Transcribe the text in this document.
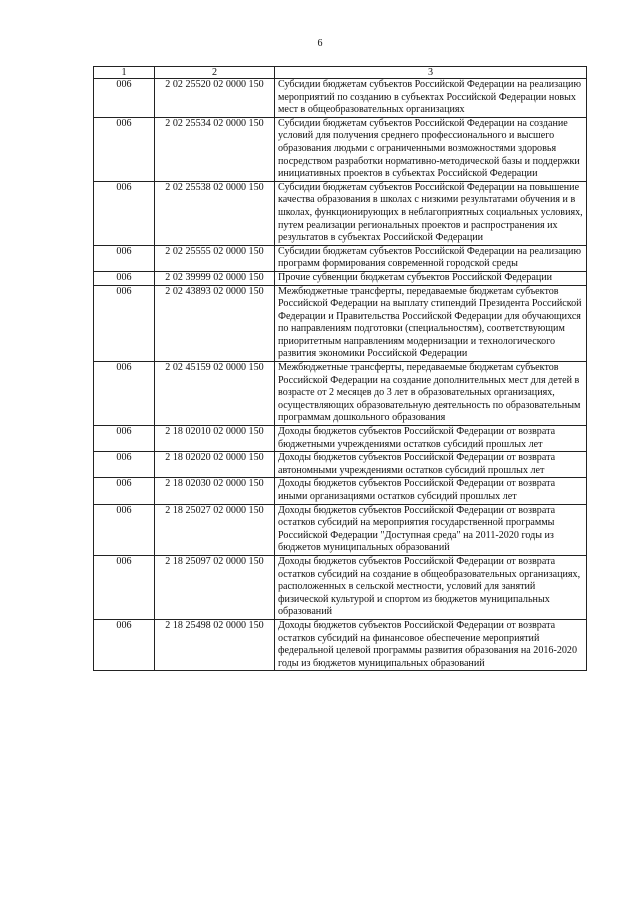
6
1	2	3
006	2 02 25520 02 0000 150	Субсидии бюджетам субъектов Российской Федерации на реализацию мероприятий по созданию в субъектах Российской Федерации новых мест в общеобразовательных организациях
006	2 02 25534 02 0000 150	Субсидии бюджетам субъектов Российской Федерации на создание условий для получения среднего профессионального и высшего образования людьми с ограниченными возможностями здоровья посредством разработки нормативно-методической базы и поддержки инициативных проектов в субъектах Российской Федерации
006	2 02 25538 02 0000 150	Субсидии бюджетам субъектов Российской Федерации на повышение качества образования в школах с низкими результатами обучения и в школах, функционирующих в неблагоприятных социальных условиях, путем реализации региональных проектов и распространения их результатов в субъектах Российской Федерации
006	2 02 25555 02 0000 150	Субсидии бюджетам субъектов Российской Федерации на реализацию программ формирования современной городской среды
006	2 02 39999 02 0000 150	Прочие субвенции бюджетам субъектов Российской Федерации
006	2 02 43893 02 0000 150	Межбюджетные трансферты, передаваемые бюджетам субъектов Российской Федерации на выплату стипендий Президента Российской Федерации и Правительства Российской Федерации для обучающихся по направлениям подготовки (специальностям), соответствующим приоритетным направлениям модернизации и технологического развития экономики Российской Федерации
006	2 02 45159 02 0000 150	Межбюджетные трансферты, передаваемые бюджетам субъектов Российской Федерации на создание дополнительных мест для детей в возрасте от 2 месяцев до 3 лет в образовательных организациях, осуществляющих образовательную деятельность по образовательным программам дошкольного образования
006	2 18 02010 02 0000 150	Доходы бюджетов субъектов Российской Федерации от возврата бюджетными учреждениями остатков субсидий прошлых лет
006	2 18 02020 02 0000 150	Доходы бюджетов субъектов Российской Федерации от возврата автономными учреждениями остатков субсидий прошлых лет
006	2 18 02030 02 0000 150	Доходы бюджетов субъектов Российской Федерации от возврата иными организациями остатков субсидий прошлых лет
006	2 18 25027 02 0000 150	Доходы бюджетов субъектов Российской Федерации от возврата остатков субсидий на мероприятия государственной программы Российской Федерации "Доступная среда" на 2011-2020 годы из бюджетов муниципальных образований
006	2 18 25097 02 0000 150	Доходы бюджетов субъектов Российской Федерации от возврата остатков субсидий на создание в общеобразовательных организациях, расположенных в сельской местности, условий для занятий физической культурой и спортом из бюджетов муниципальных образований
006	2 18 25498 02 0000 150	Доходы бюджетов субъектов Российской Федерации от возврата остатков субсидий на финансовое обеспечение мероприятий федеральной целевой программы развития образования на 2016-2020 годы из бюджетов муниципальных образований
